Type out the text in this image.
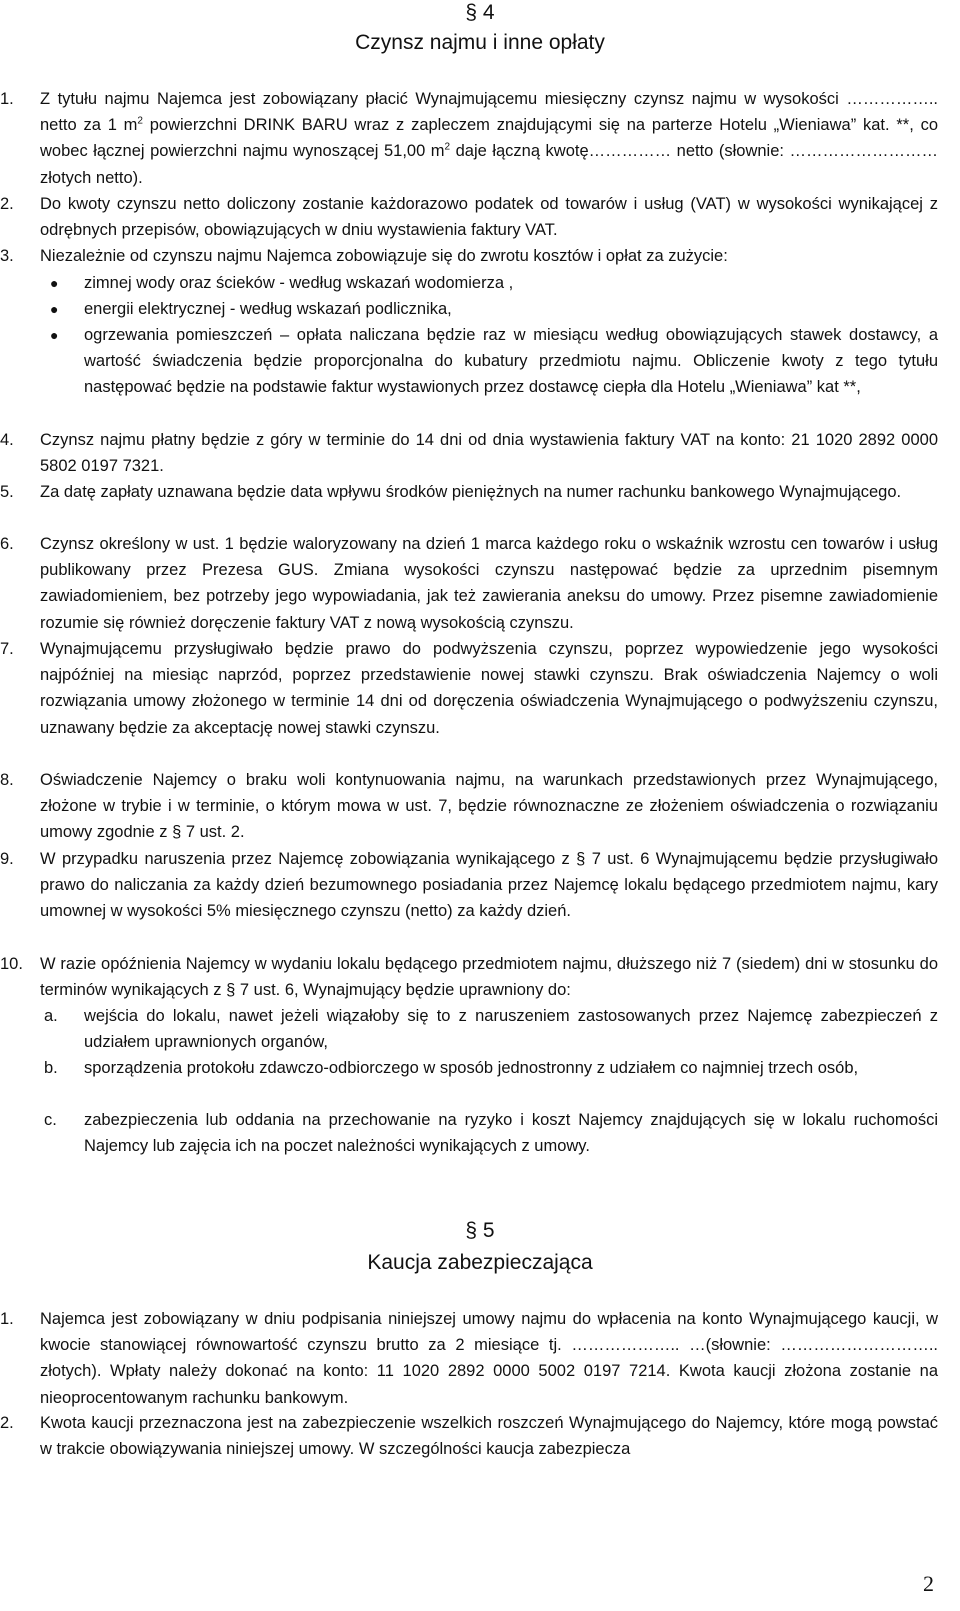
§ 4
Czynsz najmu i inne opłaty
1. Z tytułu najmu Najemca jest zobowiązany płacić Wynajmującemu miesięczny czynsz najmu w wysokości …………….. netto za 1 $m^2$ powierzchni DRINK BARU wraz z zapleczem znajdującymi się na parterze Hotelu „Wieniawa” kat. **, co wobec łącznej powierzchni najmu wynoszącej 51,00 $m^2$ daje łączną kwotę…………… netto (słownie: ……………………… złotych netto).

2. Do kwoty czynszu netto doliczony zostanie każdorazowo podatek od towarów i usług (VAT) w wysokości wynikającej z odrębnych przepisów, obowiązujących w dniu wystawienia faktury VAT.

3. Niezależnie od czynszu najmu Najemca zobowiązuje się do zwrotu kosztów i opłat za zużycie:

● zimnej wody oraz ścieków - według wskazań wodomierza ,

● energii elektrycznej - według wskazań podlicznika,

● ogrzewania pomieszczeń – opłata naliczana będzie raz w miesiącu według obowiązujących stawek dostawcy, a wartość świadczenia będzie proporcjonalna do kubatury przedmiotu najmu. Obliczenie kwoty z tego tytułu następować będzie na podstawie faktur wystawionych przez dostawcę ciepła dla Hotelu „Wieniawa” kat **,

4. Czynsz najmu płatny będzie z góry w terminie do 14 dni od dnia wystawienia faktury VAT na konto: 21 1020 2892 0000 5802 0197 7321.

5. Za datę zapłaty uznawana będzie data wpływu środków pieniężnych na numer rachunku bankowego Wynajmującego.

6. Czynsz określony w ust. 1 będzie waloryzowany na dzień 1 marca każdego roku o wskaźnik wzrostu cen towarów i usług publikowany przez Prezesa GUS. Zmiana wysokości czynszu następować będzie za uprzednim pisemnym zawiadomieniem, bez potrzeby jego wypowiadania, jak też zawierania aneksu do umowy. Przez pisemne zawiadomienie rozumie się również doręczenie faktury VAT z nową wysokością czynszu.

7. Wynajmującemu przysługiwało będzie prawo do podwyższenia czynszu, poprzez wypowiedzenie jego wysokości najpóźniej na miesiąc naprzód, poprzez przedstawienie nowej stawki czynszu. Brak oświadczenia Najemcy o woli rozwiązania umowy złożonego w terminie 14 dni od doręczenia oświadczenia Wynajmującego o podwyższeniu czynszu, uznawany będzie za akceptację nowej stawki czynszu.

8. Oświadczenie Najemcy o braku woli kontynuowania najmu, na warunkach przedstawionych przez Wynajmującego, złożone w trybie i w terminie, o którym mowa w ust. 7, będzie równoznaczne ze złożeniem oświadczenia o rozwiązaniu umowy zgodnie z § 7 ust. 2.

9. W przypadku naruszenia przez Najemcę zobowiązania wynikającego z § 7 ust. 6 Wynajmującemu będzie przysługiwało prawo do naliczania za każdy dzień bezumownego posiadania przez Najemcę lokalu będącego przedmiotem najmu, kary umownej w wysokości 5% miesięcznego czynszu (netto) za każdy dzień.

10. W razie opóźnienia Najemcy w wydaniu lokalu będącego przedmiotem najmu, dłuższego niż 7 (siedem) dni w stosunku do terminów wynikających z § 7 ust. 6, Wynajmujący będzie uprawniony do:

a. wejścia do lokalu, nawet jeżeli wiązałoby się to z naruszeniem zastosowanych przez Najemcę zabezpieczeń z udziałem uprawnionych organów,

b. sporządzenia protokołu zdawczo-odbiorczego w sposób jednostronny z udziałem co najmniej trzech osób,

c. zabezpieczenia lub oddania na przechowanie na ryzyko i koszt Najemcy znajdujących się w lokalu ruchomości Najemcy lub zajęcia ich na poczet należności wynikających z umowy.

§ 5
Kaucja zabezpieczająca
1. Najemca jest zobowiązany w dniu podpisania niniejszej umowy najmu do wpłacenia na konto Wynajmującego kaucji, w kwocie stanowiącej równowartość czynszu brutto za 2 miesiące tj. ……………….. …(słownie: ……………………….. złotych). Wpłaty należy dokonać na konto: 11 1020 2892 0000 5002 0197 7214. Kwota kaucji złożona zostanie na nieoprocentowanym rachunku bankowym.

2. Kwota kaucji przeznaczona jest na zabezpieczenie wszelkich roszczeń Wynajmującego do Najemcy, które mogą powstać w trakcie obowiązywania niniejszej umowy. W szczególności kaucja zabezpiecza

2
